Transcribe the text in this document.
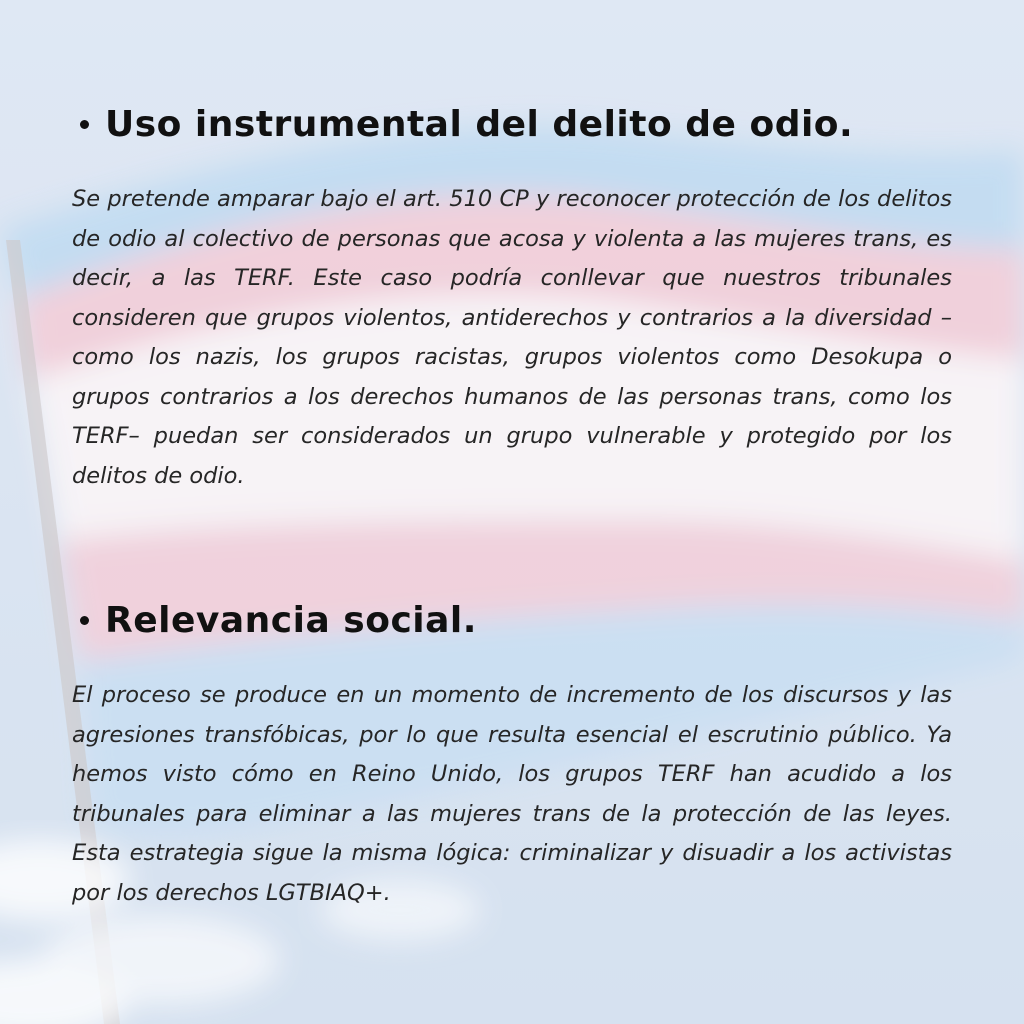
Uso instrumental del delito de odio.

Se pretende amparar bajo el art. 510 CP y reconocer protección de los delitos de odio al colectivo de personas que acosa y violenta a las mujeres trans, es decir, a las TERF. Este caso podría conllevar que nuestros tribunales consideren que grupos violentos, antiderechos y contrarios a la diversidad –como los nazis, los grupos racistas, grupos violentos como Desokupa o grupos contrarios a los derechos humanos de las personas trans, como los TERF– puedan ser considerados un grupo vulnerable y protegido por los delitos de odio.

Relevancia social.

El proceso se produce en un momento de incremento de los discursos y las agresiones transfóbicas, por lo que resulta esencial el escrutinio público. Ya hemos visto cómo en Reino Unido, los grupos TERF han acudido a los tribunales para eliminar a las mujeres trans de la protección de las leyes. Esta estrategia sigue la misma lógica: criminalizar y disuadir a los activistas por los derechos LGTBIAQ+.
